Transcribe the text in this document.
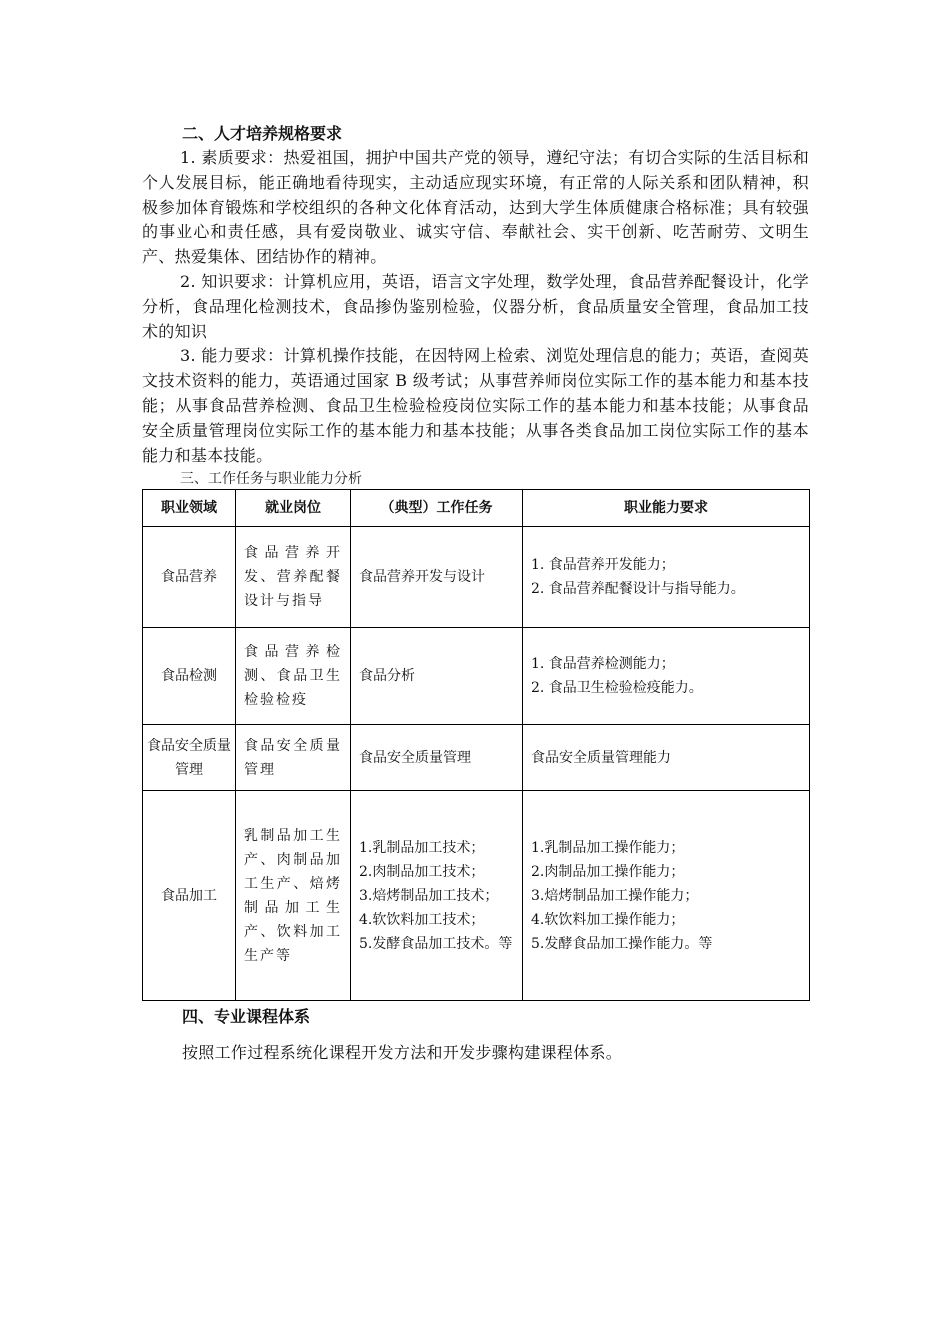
二、人才培养规格要求

1. 素质要求：热爱祖国，拥护中国共产党的领导，遵纪守法；有切合实际的生活目标和个人发展目标，能正确地看待现实，主动适应现实环境，有正常的人际关系和团队精神，积极参加体育锻炼和学校组织的各种文化体育活动，达到大学生体质健康合格标准；具有较强的事业心和责任感，具有爱岗敬业、诚实守信、奉献社会、实干创新、吃苦耐劳、文明生产、热爱集体、团结协作的精神。

2. 知识要求：计算机应用，英语，语言文字处理，数学处理，食品营养配餐设计，化学分析，食品理化检测技术，食品掺伪鉴别检验，仪器分析，食品质量安全管理，食品加工技术的知识

3. 能力要求：计算机操作技能，在因特网上检索、浏览处理信息的能力；英语，查阅英文技术资料的能力，英语通过国家 B 级考试；从事营养师岗位实际工作的基本能力和基本技能；从事食品营养检测、食品卫生检验检疫岗位实际工作的基本能力和基本技能；从事食品安全质量管理岗位实际工作的基本能力和基本技能；从事各类食品加工岗位实际工作的基本能力和基本技能。

三、工作任务与职业能力分析

职业领域	就业岗位	（典型）工作任务	职业能力要求
食品营养	食品营养开发、营养配餐设计与指导	食品营养开发与设计	1. 食品营养开发能力；
2. 食品营养配餐设计与指导能力。

食品检测	食品营养检测、食品卫生检验检疫	食品分析	1. 食品营养检测能力；
2. 食品卫生检验检疫能力。

食品安全质量管理	食品安全质量管理	食品安全质量管理	食品安全质量管理能力

食品加工	乳制品加工生产、肉制品加工生产、焙烤制品加工生产、饮料加工生产等	1.乳制品加工技术；
2.肉制品加工技术；
3.焙烤制品加工技术；
4.软饮料加工技术；
5.发酵食品加工技术。等	1.乳制品加工操作能力；
2.肉制品加工操作能力；
3.焙烤制品加工操作能力；
4.软饮料加工操作能力；
5.发酵食品加工操作能力。等

四、专业课程体系

按照工作过程系统化课程开发方法和开发步骤构建课程体系。
